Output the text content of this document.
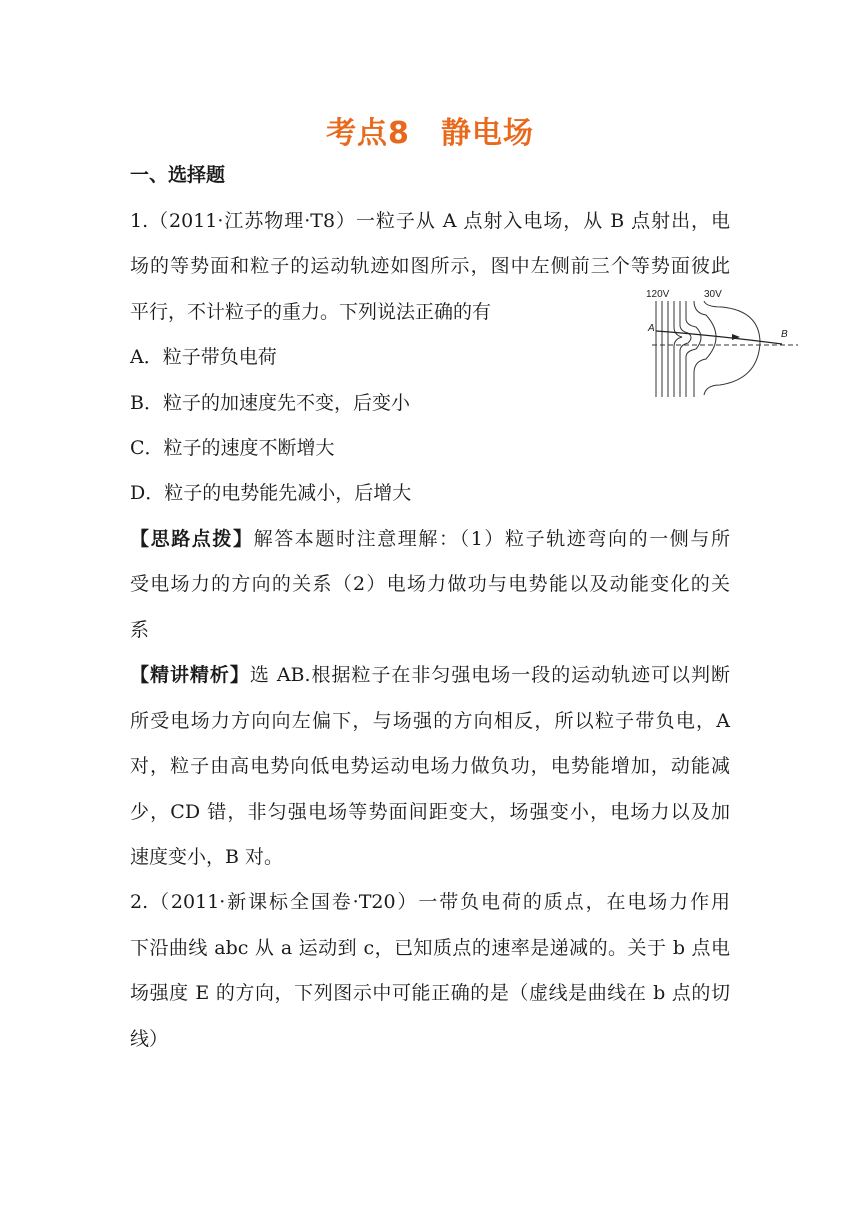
考点8　静电场
一、选择题
1.（2011·江苏物理·T8）一粒子从 A 点射入电场，从 B 点射出，电
场的等势面和粒子的运动轨迹如图所示，图中左侧前三个等势面彼此
平行，不计粒子的重力。下列说法正确的有
A．粒子带负电荷
B．粒子的加速度先不变，后变小
C．粒子的速度不断增大
D．粒子的电势能先减小，后增大
120V	30V
A
B
【思路点拨】解答本题时注意理解：（1）粒子轨迹弯向的一侧与所
受电场力的方向的关系（2）电场力做功与电势能以及动能变化的关
系
【精讲精析】选 AB.根据粒子在非匀强电场一段的运动轨迹可以判断
所受电场力方向向左偏下，与场强的方向相反，所以粒子带负电，A
对，粒子由高电势向低电势运动电场力做负功，电势能增加，动能减
少，CD 错，非匀强电场等势面间距变大，场强变小，电场力以及加
速度变小，B 对。
2.（2011·新课标全国卷·T20）一带负电荷的质点，在电场力作用
下沿曲线 abc 从 a 运动到 c，已知质点的速率是递减的。关于 b 点电
场强度 E 的方向，下列图示中可能正确的是（虚线是曲线在 b 点的切
线）
